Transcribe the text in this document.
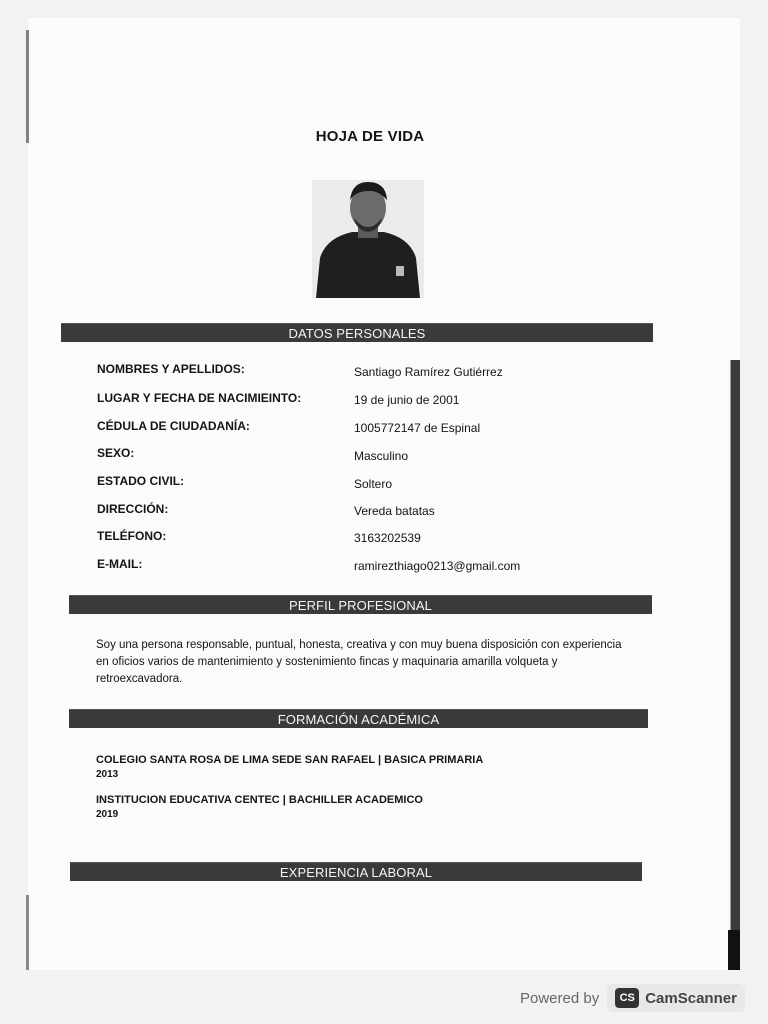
HOJA DE VIDA
DATOS PERSONALES
NOMBRES Y APELLIDOS:	Santiago Ramírez Gutiérrez
LUGAR Y FECHA DE NACIMIEINTO:	19 de junio de 2001
CÉDULA DE CIUDADANÍA:	1005772147 de Espinal
SEXO:	Masculino
ESTADO CIVIL:	Soltero
DIRECCIÓN:	Vereda batatas
TELÉFONO:	3163202539
E-MAIL:	ramirezthiago0213@gmail.com
PERFIL PROFESIONAL
Soy una persona responsable, puntual, honesta, creativa y con muy buena disposición con experiencia en oficios varios de mantenimiento y sostenimiento fincas y maquinaria amarilla volqueta y retroexcavadora.
FORMACIÓN ACADÉMICA
COLEGIO SANTA ROSA DE LIMA SEDE SAN RAFAEL | BASICA PRIMARIA
2013
INSTITUCION EDUCATIVA CENTEC | BACHILLER ACADEMICO
2019
EXPERIENCIA LABORAL
Powered by	CS CamScanner
